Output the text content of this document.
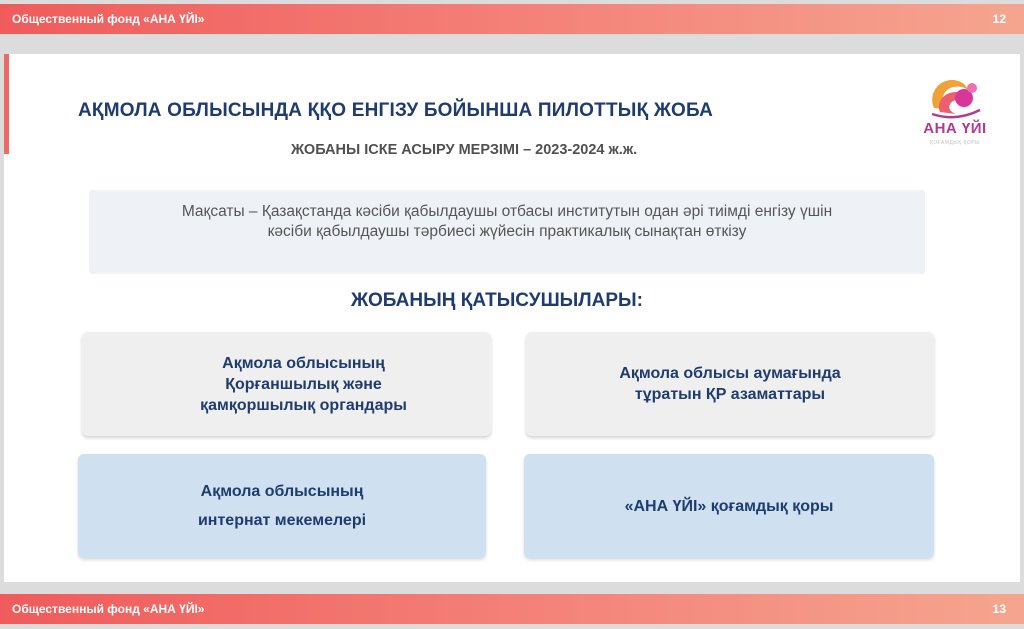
Общественный фонд «АНА ҮЙІ»	12
АҚМОЛА ОБЛЫСЫНДА ҚҚО ЕНГІЗУ БОЙЫНША ПИЛОТТЫҚ ЖОБА
ЖОБАНЫ ІСКЕ АСЫРУ МЕРЗІМІ – 2023-2024 ж.ж.
АНА ҮЙІ
ҚОҒАМДЫҚ ҚОРЫ
Мақсаты – Қазақстанда кәсіби қабылдаушы отбасы институтын одан әрі тиімді енгізу үшін
кәсіби қабылдаушы тәрбиесі жүйесін практикалық сынақтан өткізу
ЖОБАНЫҢ ҚАТЫСУШЫЛАРЫ:
Ақмола облысының
Қорғаншылық және
қамқоршылық органдары
Ақмола облысы аумағында
тұратын ҚР азаматтары
Ақмола облысының
интернат мекемелері
«АНА ҮЙІ» қоғамдық қоры
Общественный фонд «АНА ҮЙІ»	13
